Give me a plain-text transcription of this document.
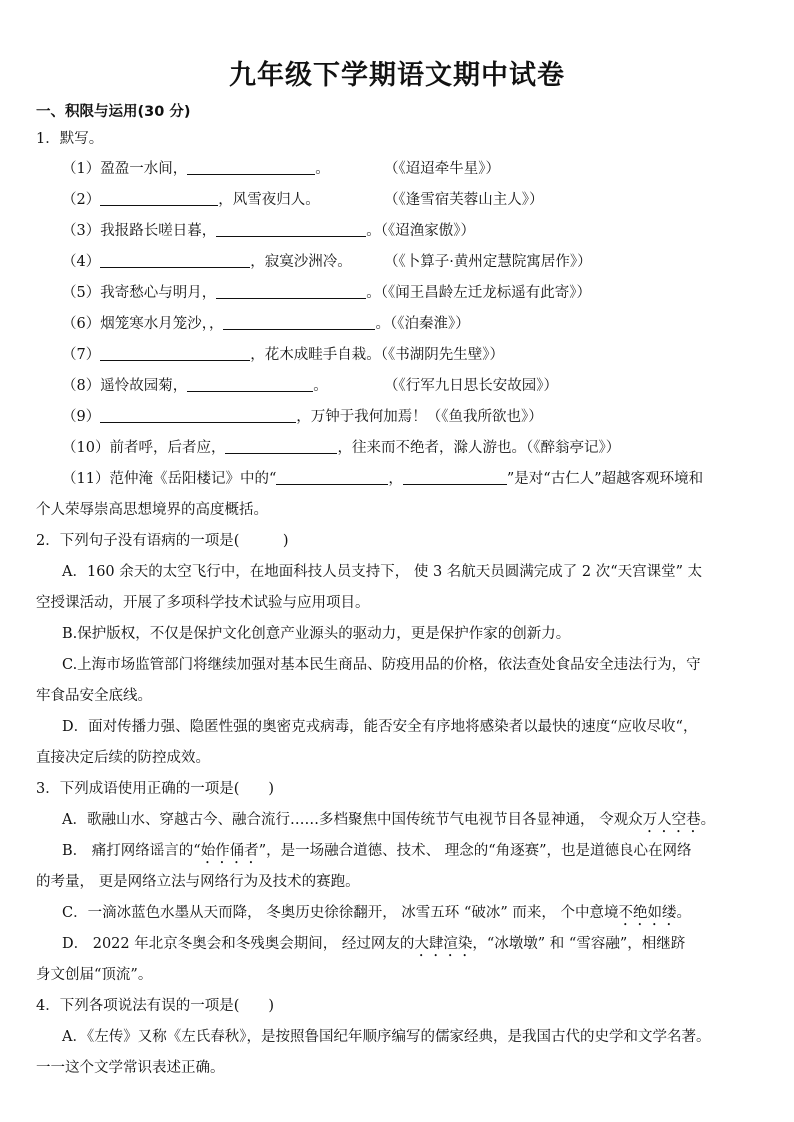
九年级下学期语文期中试卷
一、积限与运用(30 分)
1．默写。
（1）盈盈一水间，	。	（《迢迢牵牛星》）
（2）	，风雪夜归人。	（《逢雪宿芙蓉山主人》）
（3）我报路长嗟日暮，	。（《迢渔家傲》）
（4）	，寂寞沙洲冷。 （《卜算子·黄州定慧院寓居作》）
（5）我寄愁心与明月，	。（《闻王昌龄左迁龙标遥有此寄》）
（6）烟笼寒水月笼沙，，	。（《泊秦淮》）
（7）	，花木成畦手自栽。（《书湖阴先生壁》）
（8）遥怜故园菊，	。	（《行军九日思长安故园》）
（9）	，万钟于我何加焉！（《鱼我所欲也》）
（10）前者呼，后者应，	，往来而不绝者，滁人游也。（《醉翁亭记》）
（11）范仲淹《岳阳楼记》中的“	，	”是对“古仁人”超越客观环境和
个人荣辱崇高思想境界的高度概括。
2．下列句子没有语病的一项是(　　　)
A．160 余天的太空飞行中，在地面科技人员支持下， 使 3 名航天员圆满完成了 2 次“天宫课堂” 太
空授课活动，开展了多项科学技术试验与应用项目。
B.保护版权，不仅是保护文化创意产业源头的驱动力，更是保护作家的创新力。
C.上海市场监管部门将继续加强对基本民生商品、防疫用品的价格，依法查处食品安全违法行为，守
牢食品安全底线。
D．面对传播力强、隐匿性强的奥密克戎病毒，能否安全有序地将感染者以最快的速度“应收尽收“，
直接决定后续的防控成效。
3．下列成语使用正确的一项是(　　)
A．歌融山水、穿越古今、融合流行……多档聚焦中国传统节气电视节目各显神通， 令观众万人空巷。
B． 痛打网络谣言的“始作俑者”，是一场融合道德、技术、 理念的“角逐赛”，也是道德良心在网络
的考量， 更是网络立法与网络行为及技术的赛跑。
C．一滴冰蓝色水墨从天而降， 冬奥历史徐徐翻开， 冰雪五环 “破冰” 而来， 个中意境不绝如缕。
D． 2022 年北京冬奥会和冬残奥会期间， 经过网友的大肆渲染，“冰墩墩” 和 “雪容融”，相继跻
身文创届“顶流”。
4．下列各项说法有误的一项是(　　)
A．《左传》又称《左氏春秋》，是按照鲁国纪年顺序编写的儒家经典，是我国古代的史学和文学名著。
一一这个文学常识表述正确。
